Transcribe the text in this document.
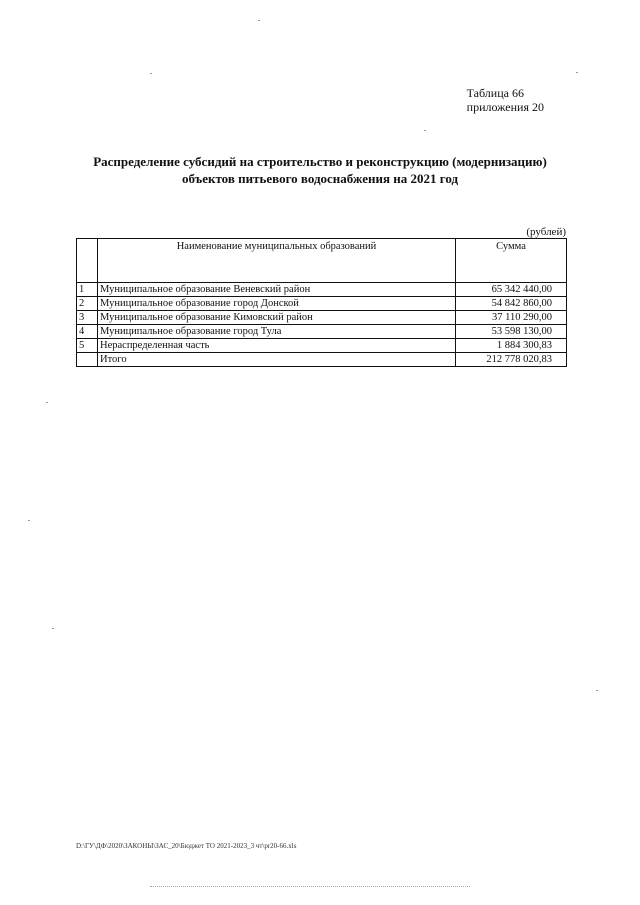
Таблица 66
приложения 20
Распределение субсидий на строительство и реконструкцию (модернизацию)
объектов питьевого водоснабжения на 2021 год
(рублей)
	Наименование муниципальных образований	Сумма
1	Муниципальное образование Веневский район	65 342 440,00
2	Муниципальное образование город Донской	54 842 860,00
3	Муниципальное образование Кимовский район	37 110 290,00
4	Муниципальное образование город Тула	53 598 130,00
5	Нераспределенная часть	1 884 300,83
	Итого	212 778 020,83
D:\ГУ\ДФ\2020\ЗАКОНЫ\ЗАС_20\Бюджет ТО 2021-2023_3 чт\pr20-66.xls
